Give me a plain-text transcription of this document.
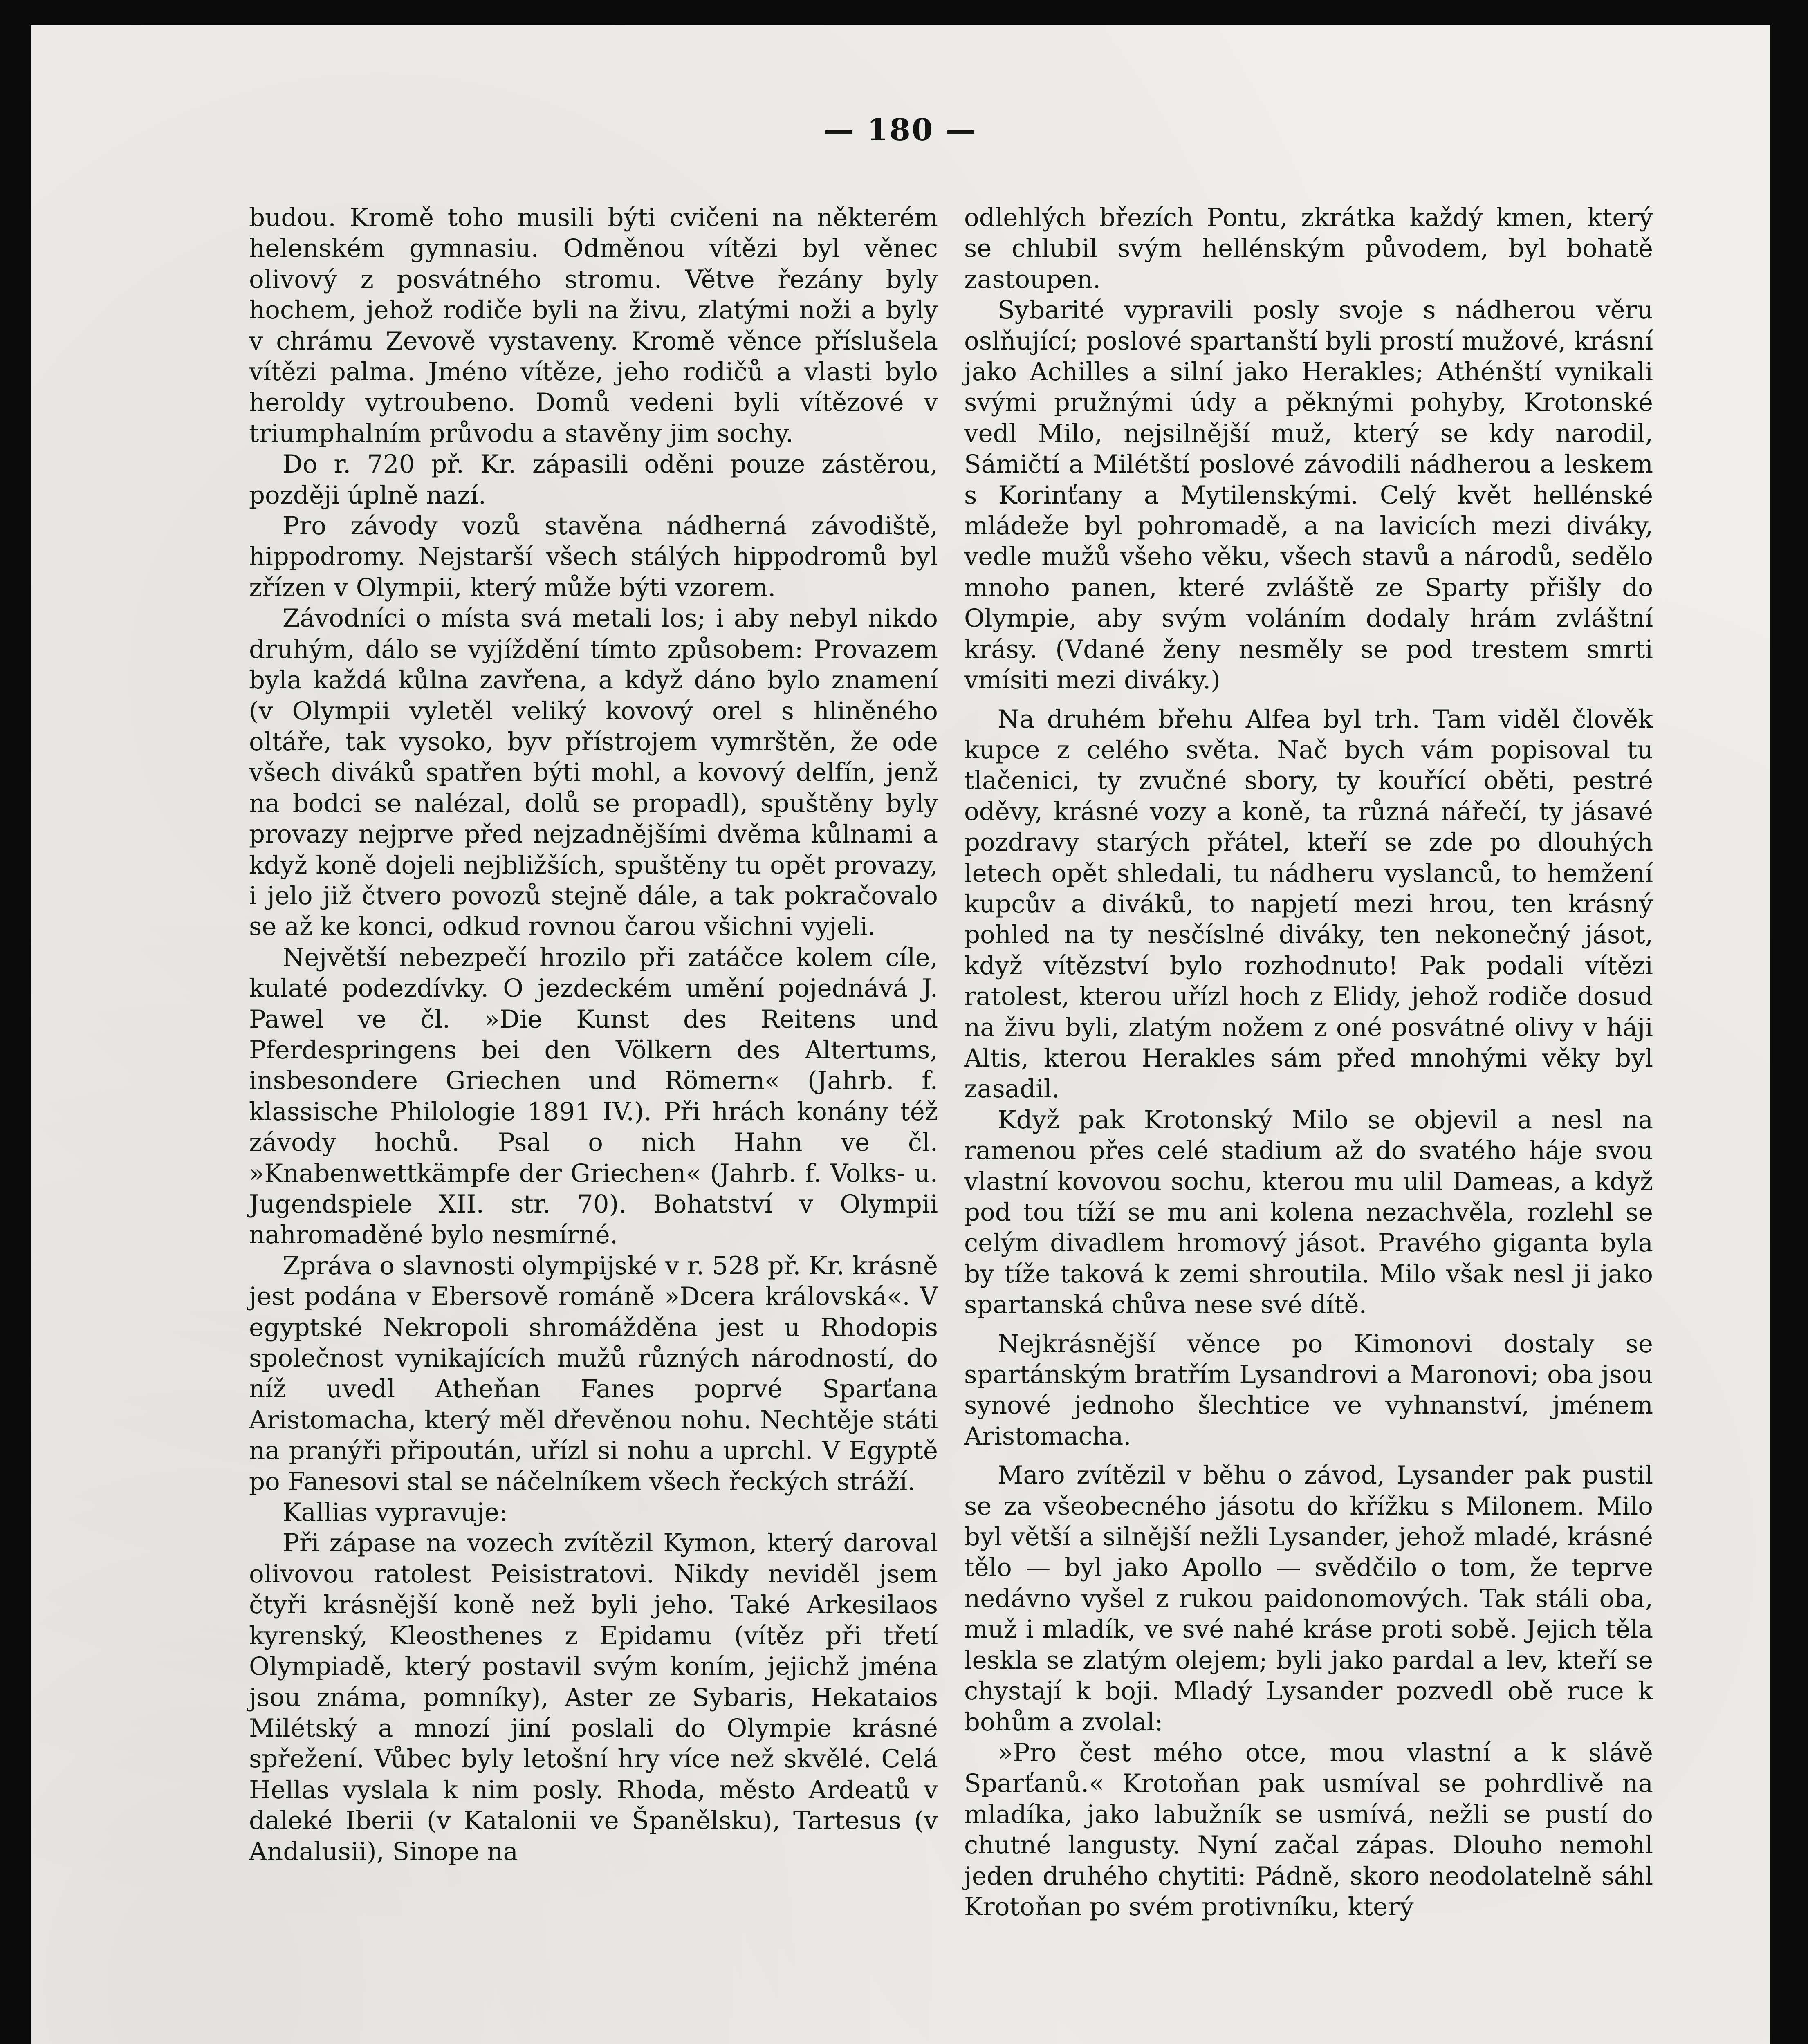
— 180 —

budou. Kromě toho musili býti cvičeni na některém helenském gymnasiu. Odměnou vítězi byl věnec olivový z posvátného stromu. Větve řezány byly hochem, jehož rodiče byli na živu, zlatými noži a byly v chrámu Zevově vystaveny. Kromě věnce příslušela vítězi palma. Jméno vítěze, jeho rodičů a vlasti bylo heroldy vytroubeno. Domů vedeni byli vítězové v triumphalním průvodu a stavěny jim sochy.

Do r. 720 př. Kr. zápasili oděni pouze zástěrou, později úplně nazí.

Pro závody vozů stavěna nádherná závodiště, hippodromy. Nejstarší všech stálých hippodromů byl zřízen v Olympii, který může býti vzorem.

Závodníci o místa svá metali los; i aby nebyl nikdo druhým, dálo se vyjíždění tímto způsobem: Provazem byla každá kůlna zavřena, a když dáno bylo znamení (v Olympii vyletěl veliký kovový orel s hliněného oltáře, tak vysoko, byv přístrojem vymrštěn, že ode všech diváků spatřen býti mohl, a kovový delfín, jenž na bodci se nalézal, dolů se propadl), spuštěny byly provazy nejprve před nejzadnějšími dvěma kůlnami a když koně dojeli nejbližších, spuštěny tu opět provazy, i jelo již čtvero povozů stejně dále, a tak pokračovalo se až ke konci, odkud rovnou čarou všichni vyjeli.

Největší nebezpečí hrozilo při zatáčce kolem cíle, kulaté podezdívky. O jezdeckém umění pojednává J. Pawel ve čl. »Die Kunst des Reitens und Pferdespringens bei den Völkern des Altertums, insbesondere Griechen und Römern« (Jahrb. f. klassische Philologie 1891 IV.). Při hrách konány též závody hochů. Psal o nich Hahn ve čl. »Knabenwettkämpfe der Griechen« (Jahrb. f. Volks- u. Jugendspiele XII. str. 70). Bohatství v Olympii nahromaděné bylo nesmírné.

Zpráva o slavnosti olympijské v r. 528 př. Kr. krásně jest podána v Ebersově románě »Dcera královská«. V egyptské Nekropoli shromážděna jest u Rhodopis společnost vynikajících mužů různých národností, do níž uvedl Atheňan Fanes poprvé Sparťana Aristomacha, který měl dřevěnou nohu. Nechtěje státi na pranýři připoután, uřízl si nohu a uprchl. V Egyptě po Fanesovi stal se náčelníkem všech řeckých stráží.

Kallias vypravuje:

Při zápase na vozech zvítězil Kymon, který daroval olivovou ratolest Peisistratovi. Nikdy neviděl jsem čtyři krásnější koně než byli jeho. Také Arkesilaos kyrenský, Kleosthenes z Epidamu (vítěz při třetí Olympiadě, který postavil svým koním, jejichž jména jsou známa, pomníky), Aster ze Sybaris, Hekataios Milétský a mnozí jiní poslali do Olympie krásné spřežení. Vůbec byly letošní hry více než skvělé. Celá Hellas vyslala k nim posly. Rhoda, město Ardeatů v daleké Iberii (v Katalonii ve Španělsku), Tartesus (v Andalusii), Sinope na

odlehlých březích Pontu, zkrátka každý kmen, který se chlubil svým hellénským původem, byl bohatě zastoupen.

Sybarité vypravili posly svoje s nádherou věru oslňující; poslové spartanští byli prostí mužové, krásní jako Achilles a silní jako Herakles; Athénští vynikali svými pružnými údy a pěknými pohyby, Krotonské vedl Milo, nejsilnější muž, který se kdy narodil, Sámičtí a Milétští poslové závodili nádherou a leskem s Korinťany a Mytilenskými. Celý květ hellénské mládeže byl pohromadě, a na lavicích mezi diváky, vedle mužů všeho věku, všech stavů a národů, sedělo mnoho panen, které zvláště ze Sparty přišly do Olympie, aby svým voláním dodaly hrám zvláštní krásy. (Vdané ženy nesměly se pod trestem smrti vmísiti mezi diváky.)

Na druhém břehu Alfea byl trh. Tam viděl člověk kupce z celého světa. Nač bych vám popisoval tu tlačenici, ty zvučné sbory, ty kouřící oběti, pestré oděvy, krásné vozy a koně, ta různá nářečí, ty jásavé pozdravy starých přátel, kteří se zde po dlouhých letech opět shledali, tu nádheru vyslanců, to hemžení kupcův a diváků, to napjetí mezi hrou, ten krásný pohled na ty nesčíslné diváky, ten nekonečný jásot, když vítězství bylo rozhodnuto! Pak podali vítězi ratolest, kterou uřízl hoch z Elidy, jehož rodiče dosud na živu byli, zlatým nožem z oné posvátné olivy v háji Altis, kterou Herakles sám před mnohými věky byl zasadil.

Když pak Krotonský Milo se objevil a nesl na ramenou přes celé stadium až do svatého háje svou vlastní kovovou sochu, kterou mu ulil Dameas, a když pod tou tíží se mu ani kolena nezachvěla, rozlehl se celým divadlem hromový jásot. Pravého giganta byla by tíže taková k zemi shroutila. Milo však nesl ji jako spartanská chůva nese své dítě.

Nejkrásnější věnce po Kimonovi dostaly se spartánským bratřím Lysandrovi a Maronovi; oba jsou synové jednoho šlechtice ve vyhnanství, jménem Aristomacha.

Maro zvítězil v běhu o závod, Lysander pak pustil se za všeobecného jásotu do křížku s Milonem. Milo byl větší a silnější nežli Lysander, jehož mladé, krásné tělo — byl jako Apollo — svědčilo o tom, že teprve nedávno vyšel z rukou paidonomových. Tak stáli oba, muž i mladík, ve své nahé kráse proti sobě. Jejich těla leskla se zlatým olejem; byli jako pardal a lev, kteří se chystají k boji. Mladý Lysander pozvedl obě ruce k bohům a zvolal:

»Pro čest mého otce, mou vlastní a k slávě Sparťanů.« Krotoňan pak usmíval se pohrdlivě na mladíka, jako labužník se usmívá, nežli se pustí do chutné langusty. Nyní začal zápas. Dlouho nemohl jeden druhého chytiti: Pádně, skoro neodolatelně sáhl Krotoňan po svém protivníku, který
